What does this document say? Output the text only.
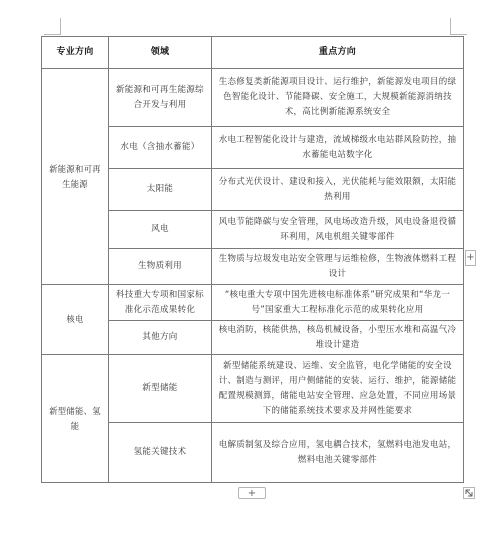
专业方向	领域	重点方向
新能源和可再生能源	新能源和可再生能源综合开发与利用	生态修复类新能源项目设计、运行维护，新能源发电项目的绿色智能化设计、节能降碳、安全施工，大规模新能源消纳技术，高比例新能源系统安全
	水电（含抽水蓄能）	水电工程智能化设计与建造，流域梯级水电站群风险防控，抽水蓄能电站数字化
	太阳能	分布式光伏设计、建设和接入，光伏能耗与能效限额，太阳能热利用
	风电	风电节能降碳与安全管理，风电场改造升级，风电设备退役循环利用，风电机组关键零部件
	生物质利用	生物质与垃圾发电站安全管理与运维检修，生物液体燃料工程设计
核电	科技重大专项和国家标准化示范成果转化	“核电重大专项中国先进核电标准体系”研究成果和“华龙一号”国家重大工程标准化示范的成果转化应用
	其他方向	核电消防，核能供热，核岛机械设备，小型压水堆和高温气冷堆设计建造
新型储能、氢能	新型储能	新型储能系统建设、运维、安全监管，电化学储能的安全设计、制造与测评，用户侧储能的安装、运行、维护，能源储能配置规模测算，储能电站安全管理、应急处置，不同应用场景下的储能系统技术要求及并网性能要求
	氢能关键技术	电解质制氢及综合应用，氢电耦合技术，氢燃料电池发电站，燃料电池关键零部件
+
+
